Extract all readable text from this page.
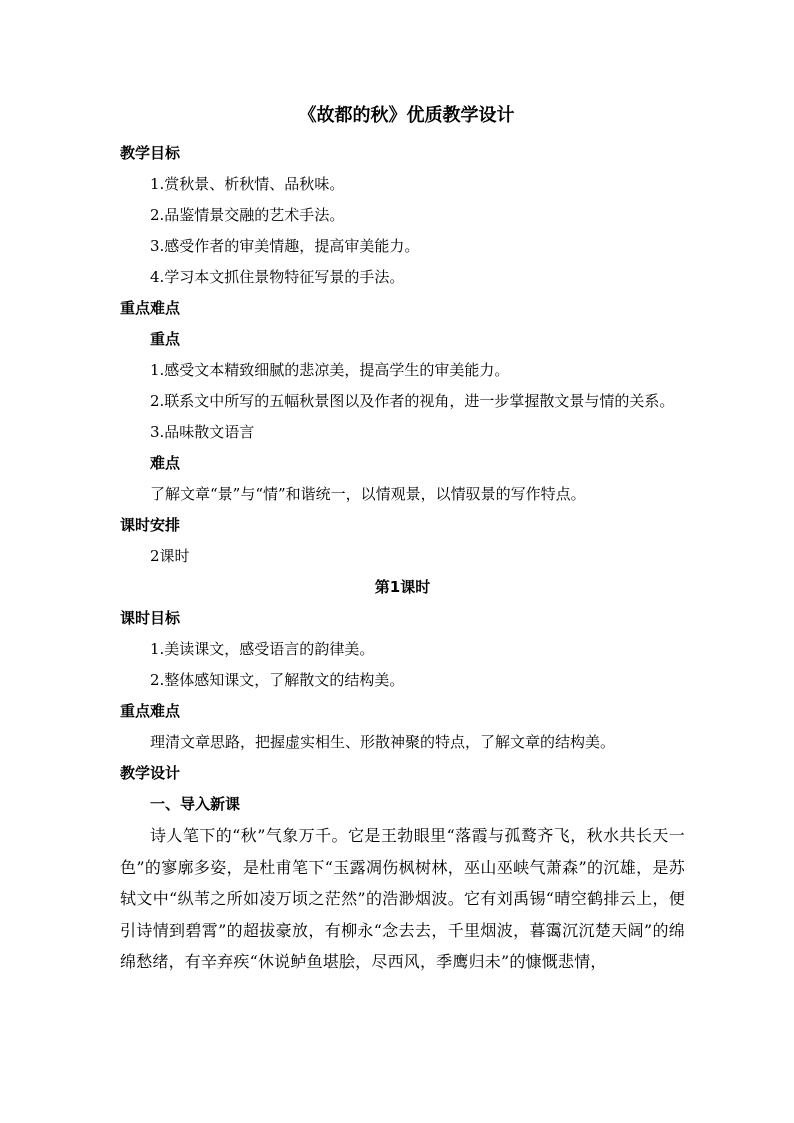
《故都的秋》优质教学设计
教学目标

1.赏秋景、析秋情、品秋味。

2.品鉴情景交融的艺术手法。

3.感受作者的审美情趣，提高审美能力。

4.学习本文抓住景物特征写景的手法。

重点难点
重点

1.感受文本精致细腻的悲凉美，提高学生的审美能力。

2.联系文中所写的五幅秋景图以及作者的视角，进一步掌握散文景与情的关系。

3.品味散文语言

难点

了解文章“景”与“情”和谐统一，以情观景，以情驭景的写作特点。

课时安排

2课时

第1课时
课时目标

1.美读课文，感受语言的韵律美。

2.整体感知课文，了解散文的结构美。

重点难点

理清文章思路，把握虚实相生、形散神聚的特点，了解文章的结构美。

教学设计
一、导入新课

诗人笔下的“秋”气象万千。它是王勃眼里“落霞与孤鹜齐飞，秋水共长天一色”的寥廓多姿，是杜甫笔下“玉露凋伤枫树林，巫山巫峡气萧森”的沉雄，是苏轼文中“纵苇之所如凌万顷之茫然”的浩渺烟波。它有刘禹锡“晴空鹤排云上，便引诗情到碧霄”的超拔豪放，有柳永“念去去，千里烟波，暮霭沉沉楚天阔”的绵绵愁绪，有辛弃疾“休说鲈鱼堪脍，尽西风，季鹰归未”的慷慨悲情，
